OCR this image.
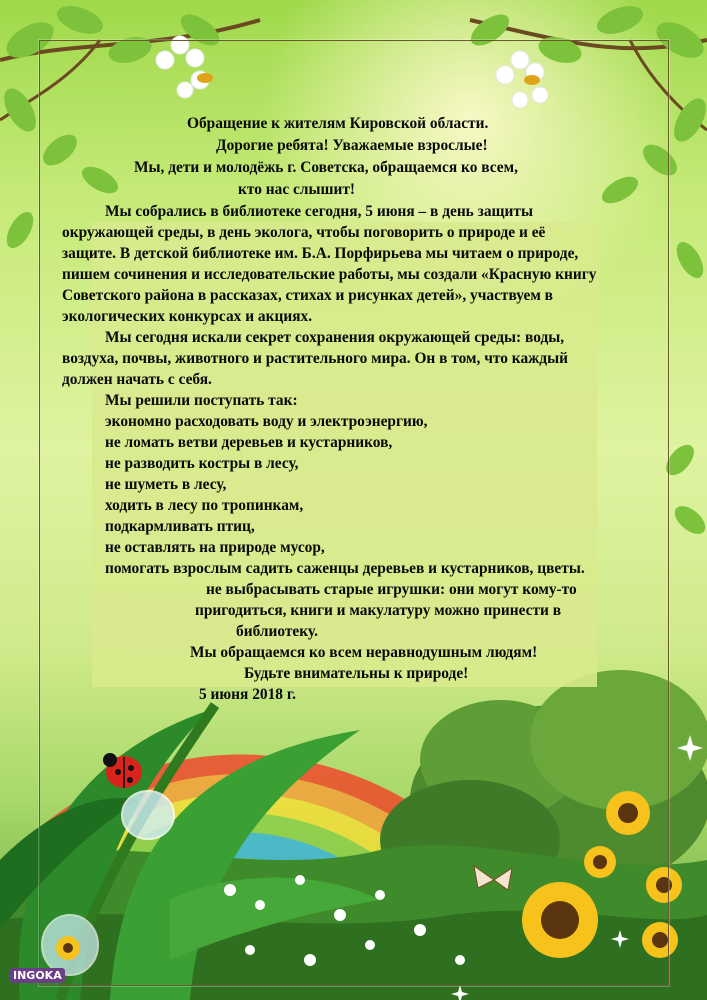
Обращение к жителям Кировской области.

Дорогие ребята! Уважаемые взрослые!

Мы, дети и молодёжь г. Советска, обращаемся ко всем,

кто нас слышит!

Мы собрались в библиотеке сегодня, 5 июня – в день защиты

окружающей среды, в день эколога, чтобы поговорить о природе и её

защите. В детской библиотеке им. Б.А. Порфирьева мы читаем о природе,

пишем сочинения и исследовательские работы, мы создали «Красную книгу

Советского района в рассказах, стихах и рисунках детей», участвуем в

экологических конкурсах и акциях.

Мы сегодня искали секрет сохранения окружающей среды: воды,

воздуха, почвы, животного и растительного мира. Он в том, что каждый

должен начать с себя.

Мы решили поступать так:

экономно расходовать воду и электроэнергию,

не ломать ветви деревьев и кустарников,

не разводить костры в лесу,

не шуметь в лесу,

ходить в лесу по тропинкам,

подкармливать птиц,

не оставлять на природе мусор,

помогать взрослым садить саженцы деревьев и кустарников, цветы.

не выбрасывать старые игрушки: они могут кому-то

пригодиться, книги и макулатуру можно принести в

библиотеку.

Мы обращаемся ко всем неравнодушным людям!

Будьте внимательны к природе!

5 июня 2018 г.

INGOKA
